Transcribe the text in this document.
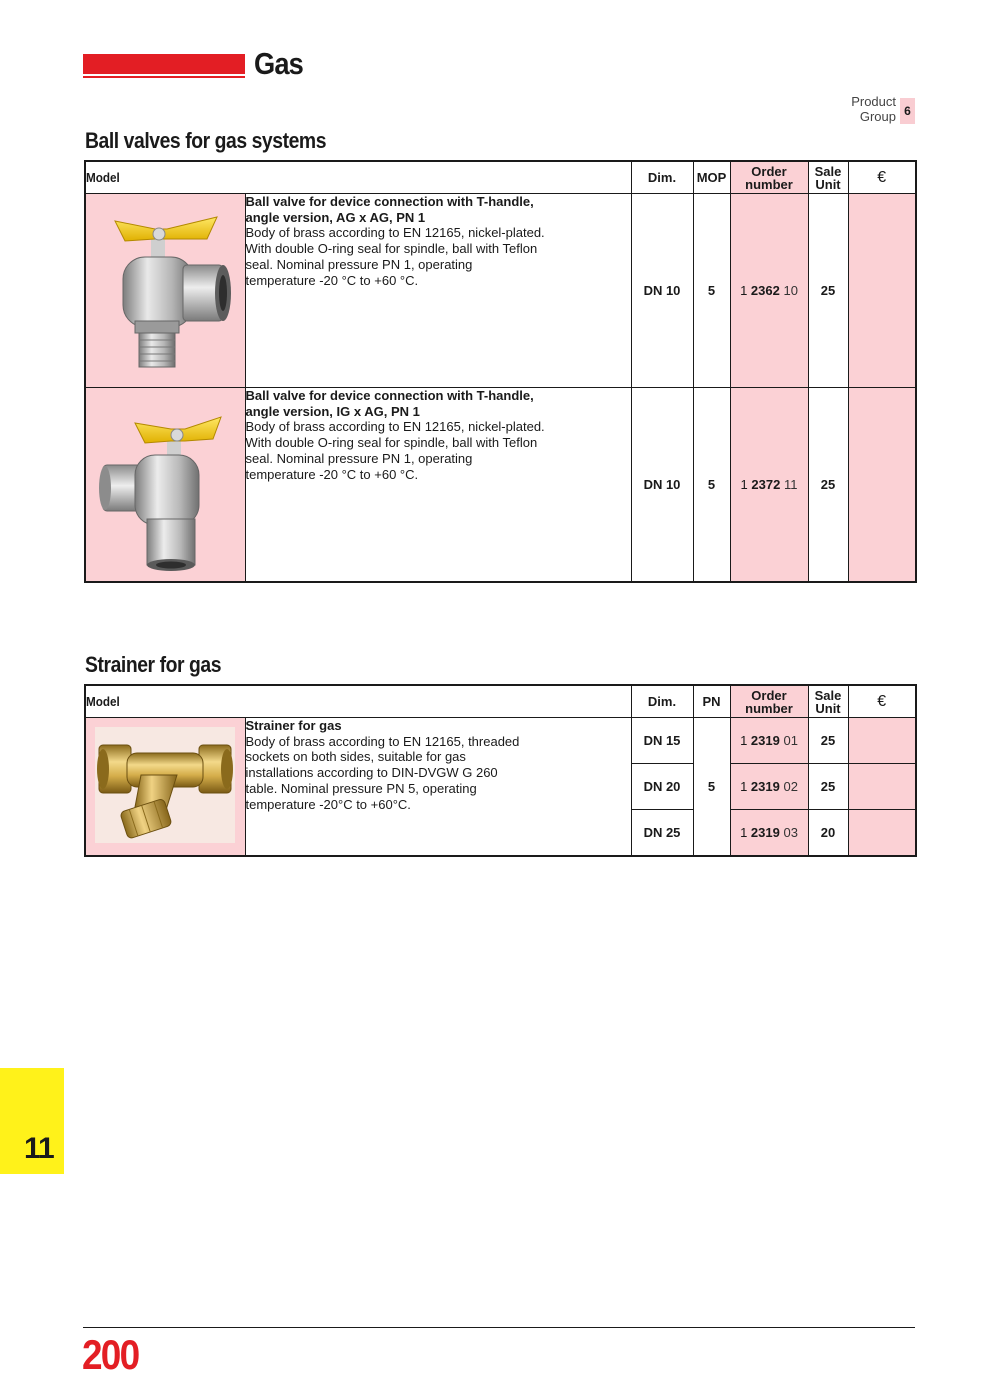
Gas
Product Group 6
Ball valves for gas systems
Model		Dim.	MOP	Order number	Sale Unit	€

Ball valve for device connection with T-handle, angle version, AG x AG, PN 1
Body of brass according to EN 12165, nickel-plated. With double O-ring seal for spindle, ball with Teflon seal. Nominal pressure PN 1, operating temperature -20 °C to +60 °C.	DN 10	5	1 2362 10	25	

Ball valve for device connection with T-handle, angle version, IG x AG, PN 1
Body of brass according to EN 12165, nickel-plated. With double O-ring seal for spindle, ball with Teflon seal. Nominal pressure PN 1, operating temperature -20 °C to +60 °C.	DN 10	5	1 2372 11	25	
Strainer for gas
Model		Dim.	PN	Order number	Sale Unit	€

Strainer for gas
Body of brass according to EN 12165, threaded sockets on both sides, suitable for gas installations according to DIN-DVGW G 260 table. Nominal pressure PN 5, operating temperature -20°C to +60°C.	DN 15	5	1 2319 01	25	
		DN 20		1 2319 02	25	
		DN 25		1 2319 03	20	
11
200
